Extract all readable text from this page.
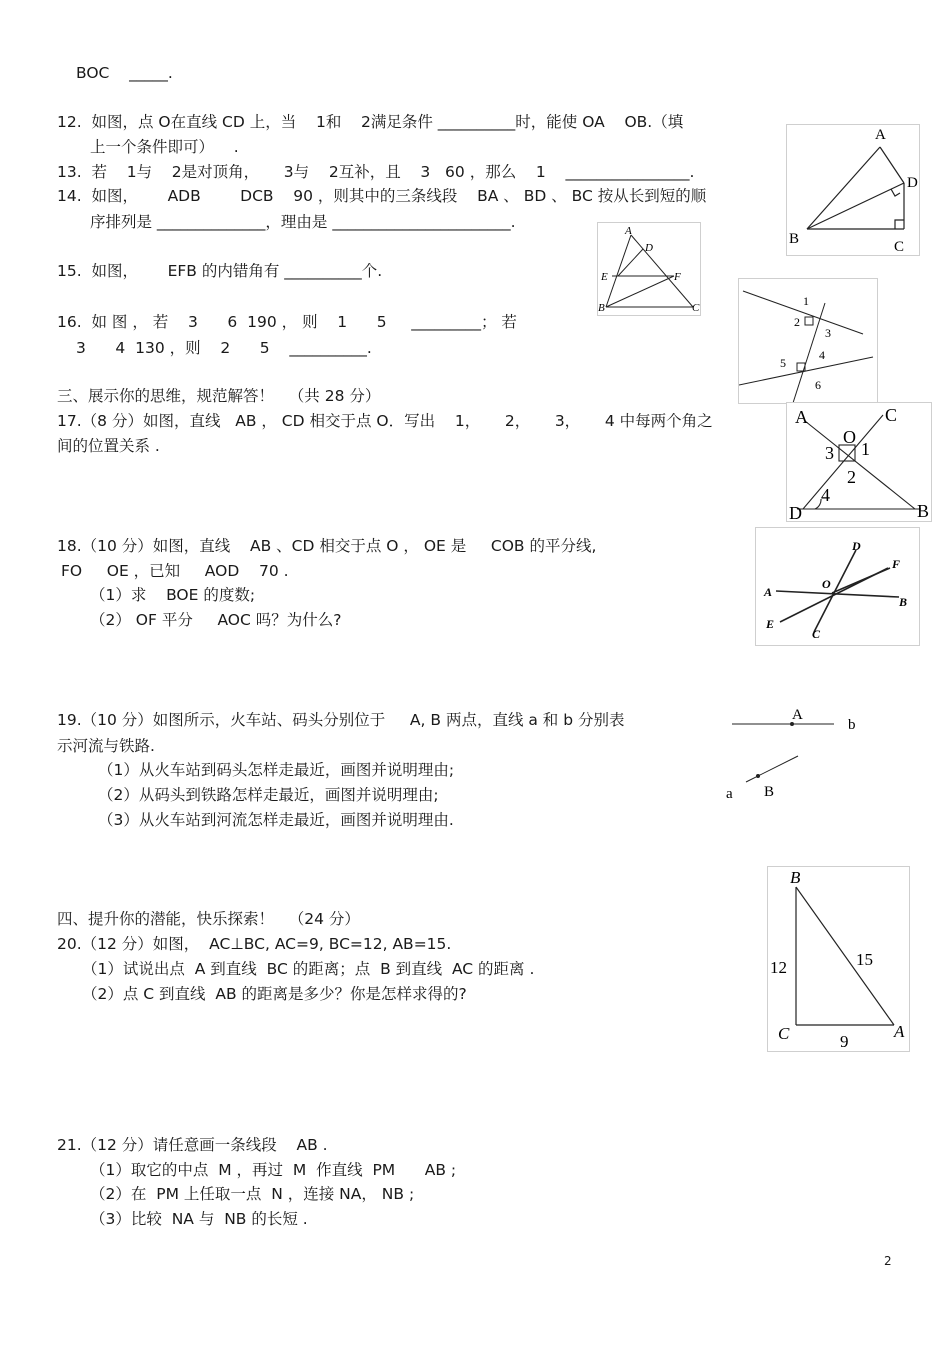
BOC    _____.
12.  如图，点 O在直线 CD 上，当    1和    2满足条件 __________时，能使 OA    OB.（填
上一个条件即可）    .
13.  若    1与    2是对顶角，     3与    2互补，且    3   60 ，那么    1    ________________.
14.  如图，      ADB        DCB    90 ，则其中的三条线段    BA 、 BD 、 BC 按从长到短的顺
序排列是 ______________，理由是 _______________________.
15.  如图，      EFB 的内错角有 __________个.
16.  如 图 ， 若    3      6  190 ， 则    1      5     _________； 若
3      4  130 ，则    2      5    __________.
三、展示你的思维，规范解答！   （共 28 分）
17.（8 分）如图，直线   AB ， CD 相交于点 O．写出    1，     2，     3，     4 中每两个角之
间的位置关系 .
18.（10 分）如图，直线    AB 、CD 相交于点 O ， OE 是     COB 的平分线,
FO     OE ，已知     AOD    70 .
（1）求    BOE 的度数;
（2） OF 平分     AOC 吗？为什么?
19.（10 分）如图所示，火车站、码头分别位于     A, B 两点，直线 a 和 b 分别表
示河流与铁路.
（1）从火车站到码头怎样走最近，画图并说明理由;
（2）从码头到铁路怎样走最近，画图并说明理由;
（3）从火车站到河流怎样走最近，画图并说明理由.
四、提升你的潜能，快乐探索！   （24 分）
20.（12 分）如图，  AC⊥BC, AC=9, BC=12, AB=15.
（1）试说出点  A 到直线  BC 的距离；点  B 到直线  AC 的距离 .
（2）点 C 到直线  AB 的距离是多少？你是怎样求得的?
21.（12 分）请任意画一条线段    AB .
（1）取它的中点  M ，再过  M  作直线  PM      AB ;
（2）在  PM 上任取一点  N ，连接 NA， NB ;
（3）比较  NA 与  NB 的长短 .
2
A
D
B	C
A
D
E	F
B	C	1
2
3
4
5
6
A	C
O
3 1
2
4
D	B
D
F
A
O
B
E
C
A
b
a B
B
15
12
C	9
A
